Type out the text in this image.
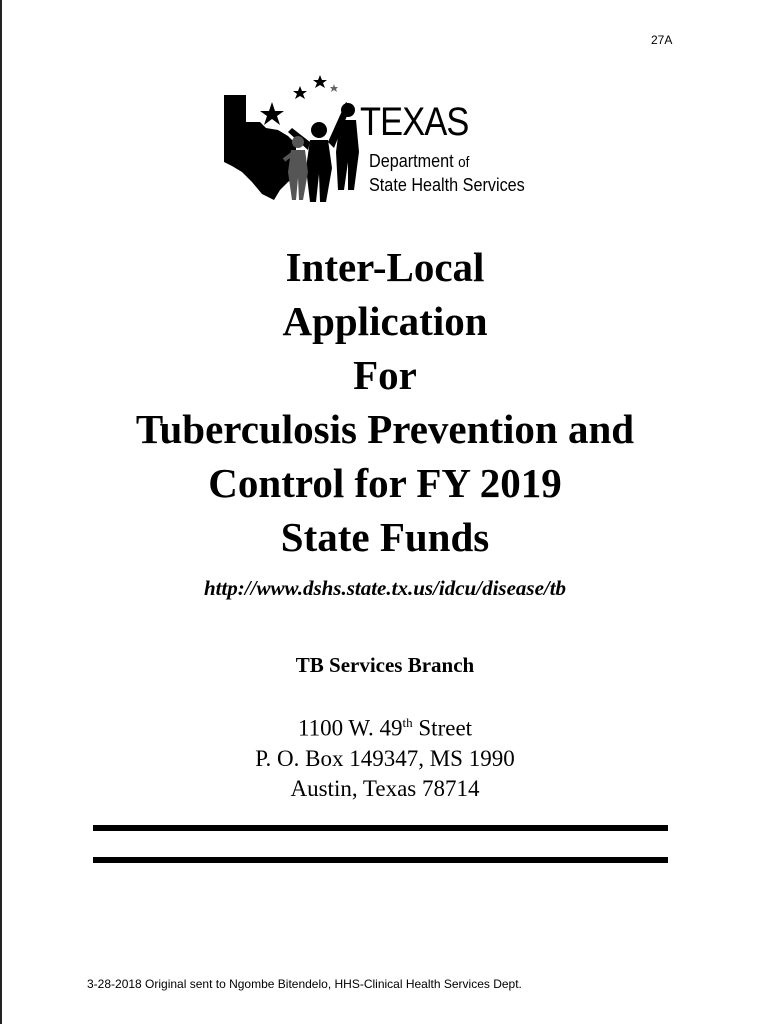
27A
TEXAS
Department of
State Health Services
Inter-Local
Application
For
Tuberculosis Prevention and
Control for FY 2019
State Funds
http://www.dshs.state.tx.us/idcu/disease/tb
TB Services Branch
1100 W. 49th Street
P. O. Box 149347, MS 1990
Austin, Texas 78714
3-28-2018 Original sent to Ngombe Bitendelo, HHS-Clinical Health Services Dept.
